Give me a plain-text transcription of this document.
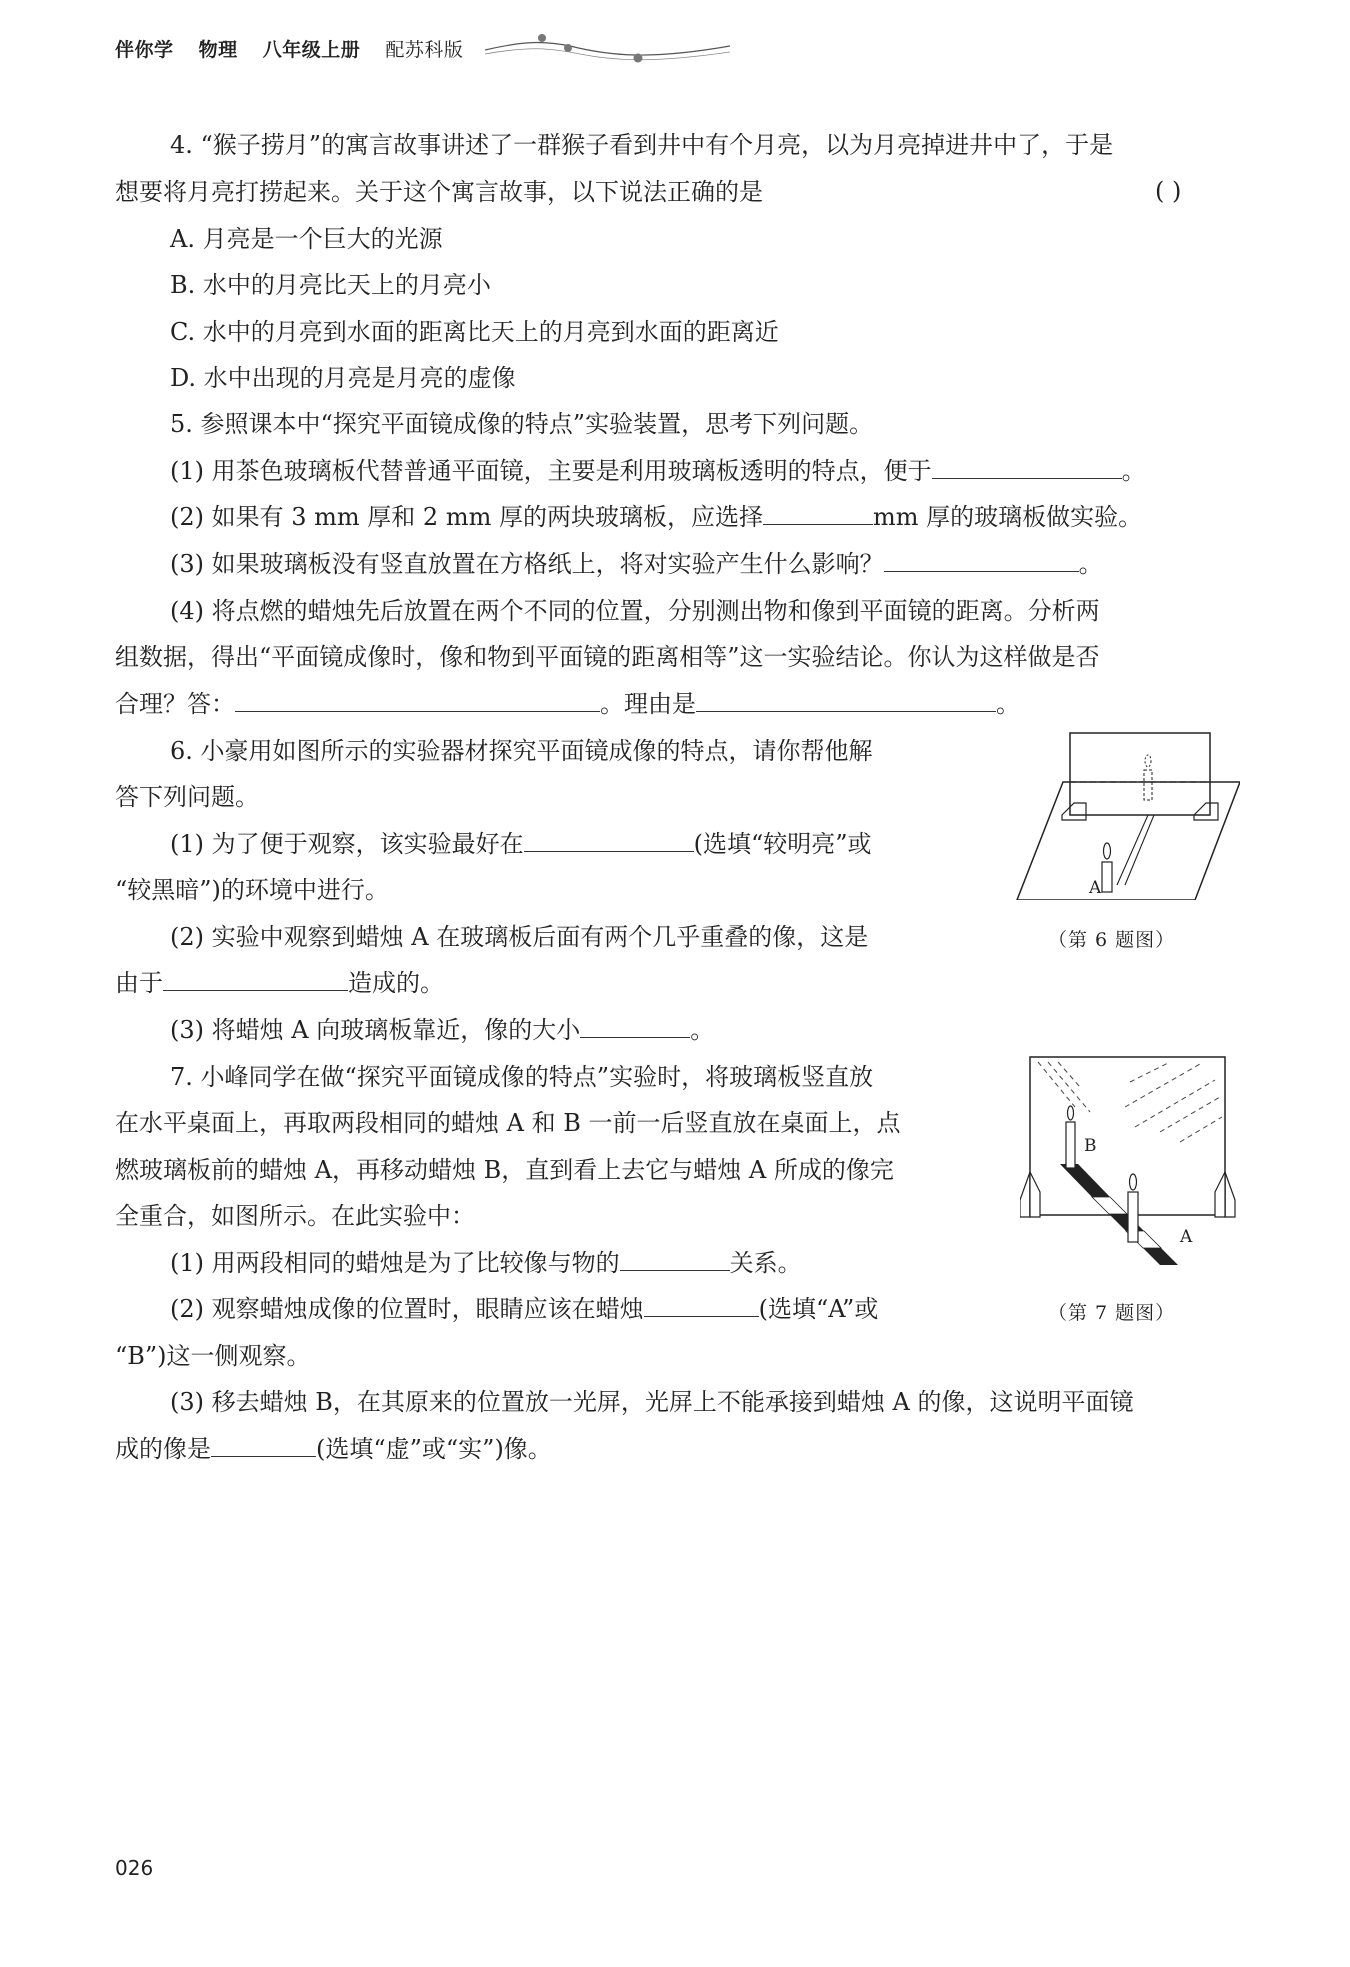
伴你学 物理 八年级上册 配苏科版
4. “猴子捞月”的寓言故事讲述了一群猴子看到井中有个月亮，以为月亮掉进井中了，于是
想要将月亮打捞起来。关于这个寓言故事，以下说法正确的是	( )
A. 月亮是一个巨大的光源
B. 水中的月亮比天上的月亮小
C. 水中的月亮到水面的距离比天上的月亮到水面的距离近
D. 水中出现的月亮是月亮的虚像
5. 参照课本中“探究平面镜成像的特点”实验装置，思考下列问题。
(1) 用茶色玻璃板代替普通平面镜，主要是利用玻璃板透明的特点，便于	。
(2) 如果有 3 mm 厚和 2 mm 厚的两块玻璃板，应选择	mm 厚的玻璃板做实验。
(3) 如果玻璃板没有竖直放置在方格纸上，将对实验产生什么影响？	。
(4) 将点燃的蜡烛先后放置在两个不同的位置，分别测出物和像到平面镜的距离。分析两
组数据，得出“平面镜成像时，像和物到平面镜的距离相等”这一实验结论。你认为这样做是否
合理？答：	。理由是	。
6. 小豪用如图所示的实验器材探究平面镜成像的特点，请你帮他解
答下列问题。
(1) 为了便于观察，该实验最好在	(选填“较明亮”或
“较黑暗”)的环境中进行。
(2) 实验中观察到蜡烛 A 在玻璃板后面有两个几乎重叠的像，这是
由于	造成的。
(3) 将蜡烛 A 向玻璃板靠近，像的大小	。
A
（第 6 题图）
7. 小峰同学在做“探究平面镜成像的特点”实验时，将玻璃板竖直放
在水平桌面上，再取两段相同的蜡烛 A 和 B 一前一后竖直放在桌面上，点
燃玻璃板前的蜡烛 A，再移动蜡烛 B，直到看上去它与蜡烛 A 所成的像完
全重合，如图所示。在此实验中：
(1) 用两段相同的蜡烛是为了比较像与物的	关系。
(2) 观察蜡烛成像的位置时，眼睛应该在蜡烛	(选填“A”或
“B”)这一侧观察。
(3) 移去蜡烛 B，在其原来的位置放一光屏，光屏上不能承接到蜡烛 A 的像，这说明平面镜
成的像是	(选填“虚”或“实”)像。
B
A
（第 7 题图）
026
